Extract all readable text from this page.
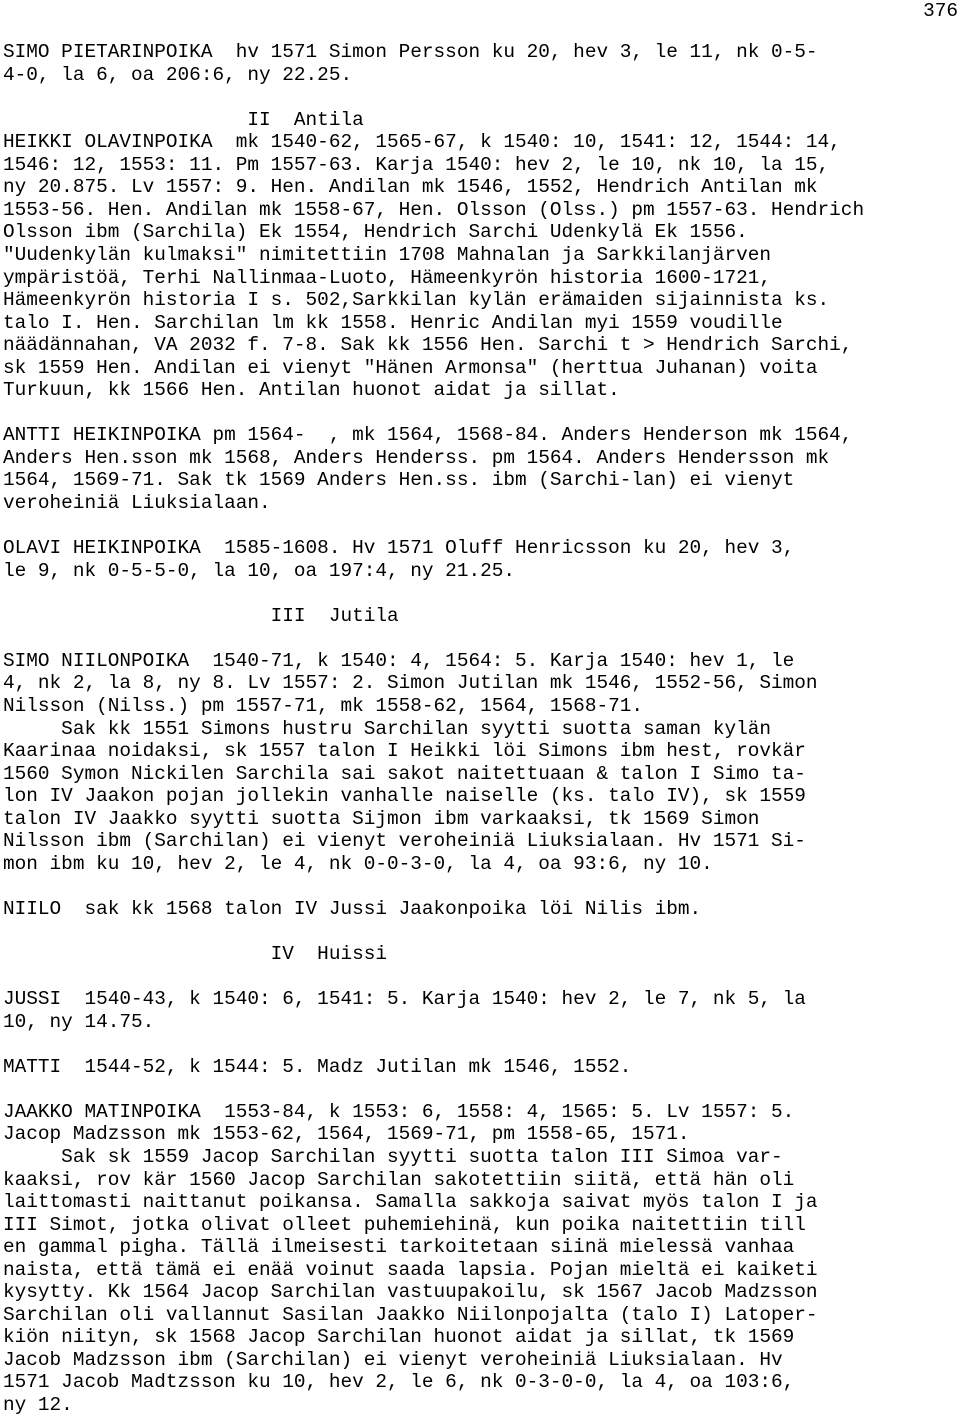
376
SIMO PIETARINPOIKA  hv 1571 Simon Persson ku 20, hev 3, le 11, nk 0-5-
4-0, la 6, oa 206:6, ny 22.25.
II  Antila
HEIKKI OLAVINPOIKA  mk 1540-62, 1565-67, k 1540: 10, 1541: 12, 1544: 14,
1546: 12, 1553: 11. Pm 1557-63. Karja 1540: hev 2, le 10, nk 10, la 15,
ny 20.875. Lv 1557: 9. Hen. Andilan mk 1546, 1552, Hendrich Antilan mk
1553-56. Hen. Andilan mk 1558-67, Hen. Olsson (Olss.) pm 1557-63. Hendrich
Olsson ibm (Sarchila) Ek 1554, Hendrich Sarchi Udenkylä Ek 1556.
"Uudenkylän kulmaksi" nimitettiin 1708 Mahnalan ja Sarkkilanjärven
ympäristöä, Terhi Nallinmaa-Luoto, Hämeenkyrön historia 1600-1721,
Hämeenkyrön historia I s. 502,Sarkkilan kylän erämaiden sijainnista ks.
talo I. Hen. Sarchilan lm kk 1558. Henric Andilan myi 1559 voudille
näädännahan, VA 2032 f. 7-8. Sak kk 1556 Hen. Sarchi t > Hendrich Sarchi,
sk 1559 Hen. Andilan ei vienyt "Hänen Armonsa" (herttua Juhanan) voita
Turkuun, kk 1566 Hen. Antilan huonot aidat ja sillat.
ANTTI HEIKINPOIKA pm 1564-  , mk 1564, 1568-84. Anders Henderson mk 1564,
Anders Hen.sson mk 1568, Anders Henderss. pm 1564. Anders Hendersson mk
1564, 1569-71. Sak tk 1569 Anders Hen.ss. ibm (Sarchi-lan) ei vienyt
veroheiniä Liuksialaan.
OLAVI HEIKINPOIKA  1585-1608. Hv 1571 Oluff Henricsson ku 20, hev 3,
le 9, nk 0-5-5-0, la 10, oa 197:4, ny 21.25.
III  Jutila
SIMO NIILONPOIKA  1540-71, k 1540: 4, 1564: 5. Karja 1540: hev 1, le
4, nk 2, la 8, ny 8. Lv 1557: 2. Simon Jutilan mk 1546, 1552-56, Simon
Nilsson (Nilss.) pm 1557-71, mk 1558-62, 1564, 1568-71.
Sak kk 1551 Simons hustru Sarchilan syytti suotta saman kylän
Kaarinaa noidaksi, sk 1557 talon I Heikki löi Simons ibm hest, rovkär
1560 Symon Nickilen Sarchila sai sakot naitettuaan & talon I Simo ta-
lon IV Jaakon pojan jollekin vanhalle naiselle (ks. talo IV), sk 1559
talon IV Jaakko syytti suotta Sijmon ibm varkaaksi, tk 1569 Simon
Nilsson ibm (Sarchilan) ei vienyt veroheiniä Liuksialaan. Hv 1571 Si-
mon ibm ku 10, hev 2, le 4, nk 0-0-3-0, la 4, oa 93:6, ny 10.
NIILO  sak kk 1568 talon IV Jussi Jaakonpoika löi Nilis ibm.
IV  Huissi
JUSSI  1540-43, k 1540: 6, 1541: 5. Karja 1540: hev 2, le 7, nk 5, la
10, ny 14.75.
MATTI  1544-52, k 1544: 5. Madz Jutilan mk 1546, 1552.
JAAKKO MATINPOIKA  1553-84, k 1553: 6, 1558: 4, 1565: 5. Lv 1557: 5.
Jacop Madzsson mk 1553-62, 1564, 1569-71, pm 1558-65, 1571.
Sak sk 1559 Jacop Sarchilan syytti suotta talon III Simoa var-
kaaksi, rov kär 1560 Jacop Sarchilan sakotettiin siitä, että hän oli
laittomasti naittanut poikansa. Samalla sakkoja saivat myös talon I ja
III Simot, jotka olivat olleet puhemiehinä, kun poika naitettiin till
en gammal pigha. Tällä ilmeisesti tarkoitetaan siinä mielessä vanhaa
naista, että tämä ei enää voinut saada lapsia. Pojan mieltä ei kaiketi
kysytty. Kk 1564 Jacop Sarchilan vastuupakoilu, sk 1567 Jacob Madzsson
Sarchilan oli vallannut Sasilan Jaakko Niilonpojalta (talo I) Latoper-
kiön niityn, sk 1568 Jacop Sarchilan huonot aidat ja sillat, tk 1569
Jacob Madzsson ibm (Sarchilan) ei vienyt veroheiniä Liuksialaan. Hv
1571 Jacob Madtzsson ku 10, hev 2, le 6, nk 0-3-0-0, la 4, oa 103:6,
ny 12.
